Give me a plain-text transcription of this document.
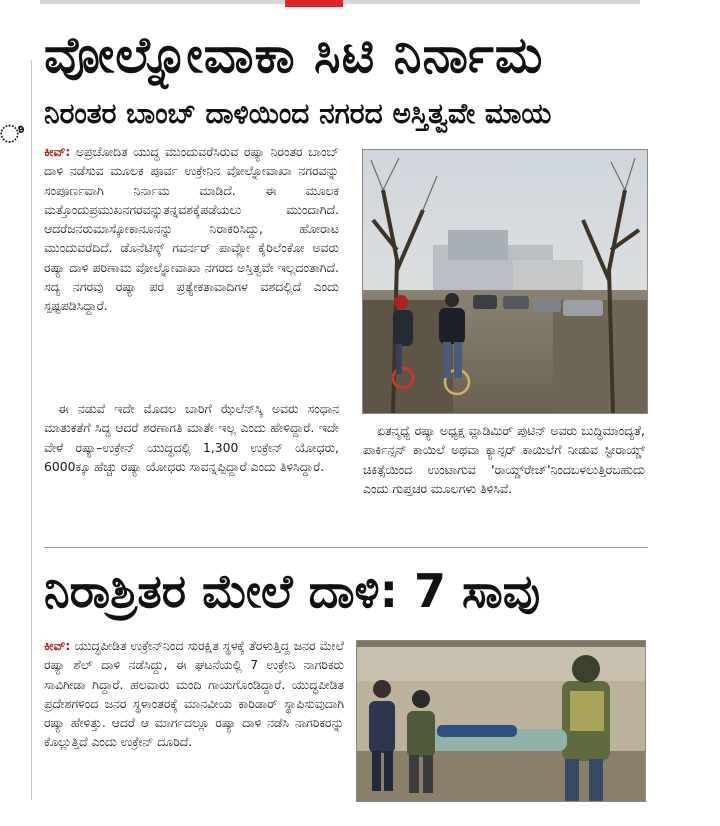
ಿ
ವೋಲ್ನೋವಾಕಾ ಸಿಟಿ ನಿರ್ನಾಮ
ನಿರಂತರ ಬಾಂಬ್ ದಾಳಿಯಿಂದ ನಗರದ ಅಸ್ತಿತ್ವವೇ ಮಾಯ

ಕೀವ್: ಅಪ್ರಚೋದಿತ ಯುದ್ಧ ಮುಂದುವರೆಸಿರುವ ರಷ್ಯಾ ನಿರಂತರ ಬಾಂಬ್ ದಾಳಿ ನಡೆಸುವ ಮೂಲಕ ಪೂರ್ವ ಉಕ್ರೇನಿನ ವೋಲ್ನೋವಾಖಾ ನಗರವನ್ನು ಸಂಪೂರ್ಣವಾಗಿ ನಿರ್ನಾಮ ಮಾಡಿದೆ. ಈ ಮೂಲಕ ಮತ್ತೊಂದುಪ್ರಮುಖನಗರವನ್ನುತನ್ನವಶಕ್ಕೆಪಡೆಯಲು ಮುಂದಾಗಿದೆ. ಆದರೆಜನರುಮಾಸ್ಕೋಕಾನೂನನ್ನು ನಿರಾಕರಿಸಿದ್ದು, ಹೋರಾಟ ಮುಂದುವರೆದಿದೆ. ಡೊನೆಟಿಸ್ಕ್ ಗವರ್ನರ್ ಪಾವ್ಲೋ ಕೈರಿಲೆಂಕೋ ಅವರು ರಷ್ಯಾ ದಾಳಿ ಪರಿಣಾಮ ವೋಲ್ನೋವಾಖಾ ನಗರದ ಅಸ್ತಿತ್ವವೇ ಇಲ್ಲದಂತಾಗಿದೆ. ಸದ್ಯ ನಗರವು ರಷ್ಯಾ ಪರ ಪ್ರತ್ಯೇಕತಾವಾದಿಗಳ ವಶದಲ್ಲಿದೆ ಎಂದು ಸ್ಪಷ್ಟಪಡಿಸಿದ್ದಾರೆ.

ಈ ನಡುವೆ ಇದೇ ಮೊದಲ ಬಾರಿಗೆ ಝೆಲೆನ್‌ಸ್ಕಿ ಅವರು ಸಂಧಾನ ಮಾತುಕತೆಗೆ ಸಿದ್ಧ ಆದರೆ ಶರಣಾಗತಿ ಮಾತೇ ಇಲ್ಲ ಎಂದು ಹೇಳಿದ್ದಾರೆ. ಇದೇ ವೇಳೆ ರಷ್ಯಾ–ಉಕ್ರೇನ್ ಯುದ್ಧದಲ್ಲಿ 1,300 ಉಕ್ರೇನ್ ಯೋಧರು, 6000ಕ್ಕೂ ಹೆಚ್ಚು ರಷ್ಯಾ ಯೋಧರು ಸಾವನ್ನಪ್ಪಿದ್ದಾರೆ ಎಂದು ತಿಳಿಸಿದ್ದಾರೆ.

ಏತನ್ಮಧ್ಯೆ ರಷ್ಯಾ ಅಧ್ಯಕ್ಷ ವ್ಲಾಡಿಮಿರ್ ಪುಟಿನ್ ಅವರು ಬುದ್ಧಿಮಾಂದ್ಯತೆ, ಪಾರ್ಕಿನ್ಸನ್ ಕಾಯಿಲೆ ಅಥವಾ ಕ್ಯಾನ್ಸರ್ ಕಾಯಿಲೆಗೆ ನೀಡುವ ಸ್ಟೀರಾಯ್ಡ್ ಚಿಕಿತ್ಸೆಯಿಂದ ಉಂಟಾಗುವ 'ರಾಯ್ಡ್‌ರೇಜ್'ನಿಂದಬಳಲುತ್ತಿರಬಹುದು ಎಂದು ಗುಪ್ತಚರ ಮೂಲಗಳು ತಿಳಿಸಿವೆ.

ನಿರಾಶ್ರಿತರ ಮೇಲೆ ದಾಳಿ: 7 ಸಾವು

ಕೀವ್: ಯುದ್ಧಪೀಡಿತ ಉಕ್ರೇನ್‌ನಿಂದ ಸುರಕ್ಷಿತ ಸ್ಥಳಕ್ಕೆ ತೆರಳುತ್ತಿದ್ದ ಜನರ ಮೇಲೆ ರಷ್ಯಾ ಶೆಲ್ ದಾಳಿ ನಡೆಸಿದ್ದು, ಈ ಘಟನೆಯಲ್ಲಿ 7 ಉಕ್ರೇನಿ ನಾಗರಿಕರು ಸಾವಿಗೀಡಾ ಗಿದ್ದಾರೆ. ಹಲವಾರು ಮಂದಿ ಗಾಯಗೊಂಡಿದ್ದಾರೆ. ಯುದ್ಧಪೀಡಿತ ಪ್ರದೇಶಗಳಿಂದ ಜನರ ಸ್ಥಳಾಂತರಕ್ಕೆ ಮಾನವೀಯ ಕಾರಿಡಾರ್ ಸ್ಥಾಪಿಸುವುದಾಗಿ ರಷ್ಯಾ ಹೇಳಿತ್ತು. ಆದರೆ ಆ ಮಾರ್ಗದಲ್ಲೂ ರಷ್ಯಾ ದಾಳಿ ನಡೆಸಿ ನಾಗರಿಕರನ್ನು ಕೊಲ್ಲುತ್ತಿದೆ ಎಂದು ಉಕ್ರೇನ್ ದೂರಿದೆ.
